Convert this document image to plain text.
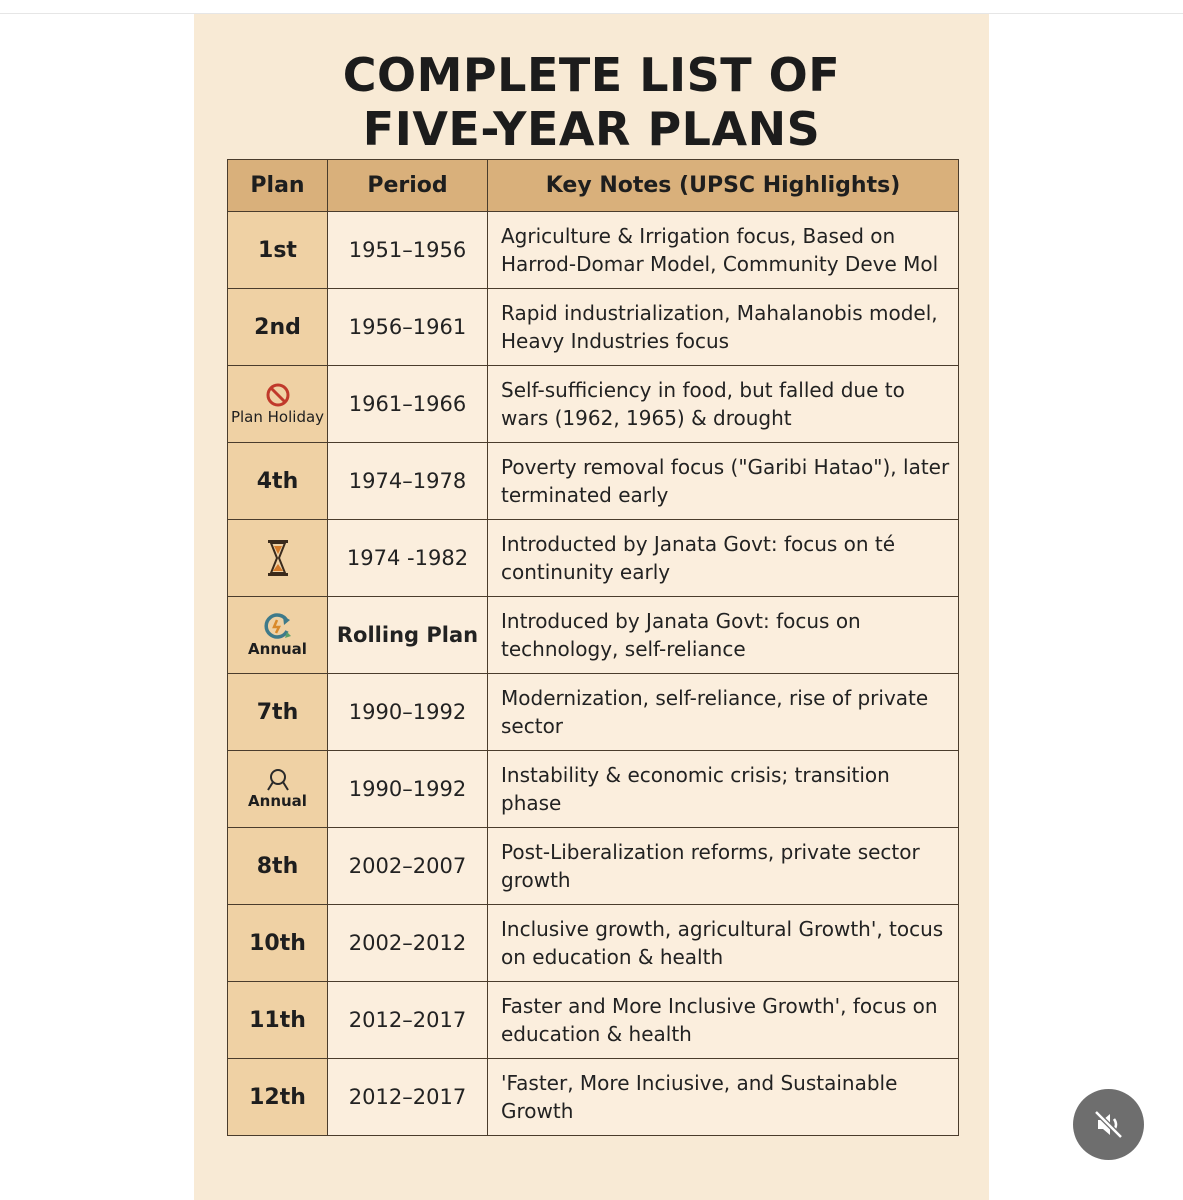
COMPLETE LIST OF
FIVE-YEAR PLANS
Plan	Period	Key Notes (UPSC Highlights)
1st	1951–1956	Agriculture & Irrigation focus, Based on Harrod-Domar Model, Community Deve Mol
2nd	1956–1961	Rapid industrialization, Mahalanobis model, Heavy Industries focus

Plan Holiday	1961–1966	Self-sufficiency in food, but falled due to wars (1962, 1965) & drought
4th	1974–1978	Poverty removal focus ("Garibi Hatao"), later terminated early

	1974 -1982	Introducted by Janata Govt: focus on té continunity early

Annual	Rolling Plan	Introduced by Janata Govt: focus on technology, self-reliance
7th	1990–1992	Modernization, self-reliance, rise of private sector

Annual	1990–1992	Instability & economic crisis; transition phase
8th	2002–2007	Post-Liberalization reforms, private sector growth
10th	2002–2012	Inclusive growth, agricultural Growth', tocus on education & health
11th	2012–2017	Faster and More Inclusive Growth', focus on education & health
12th	2012–2017	'Faster, More Inciusive, and Sustainable Growth
